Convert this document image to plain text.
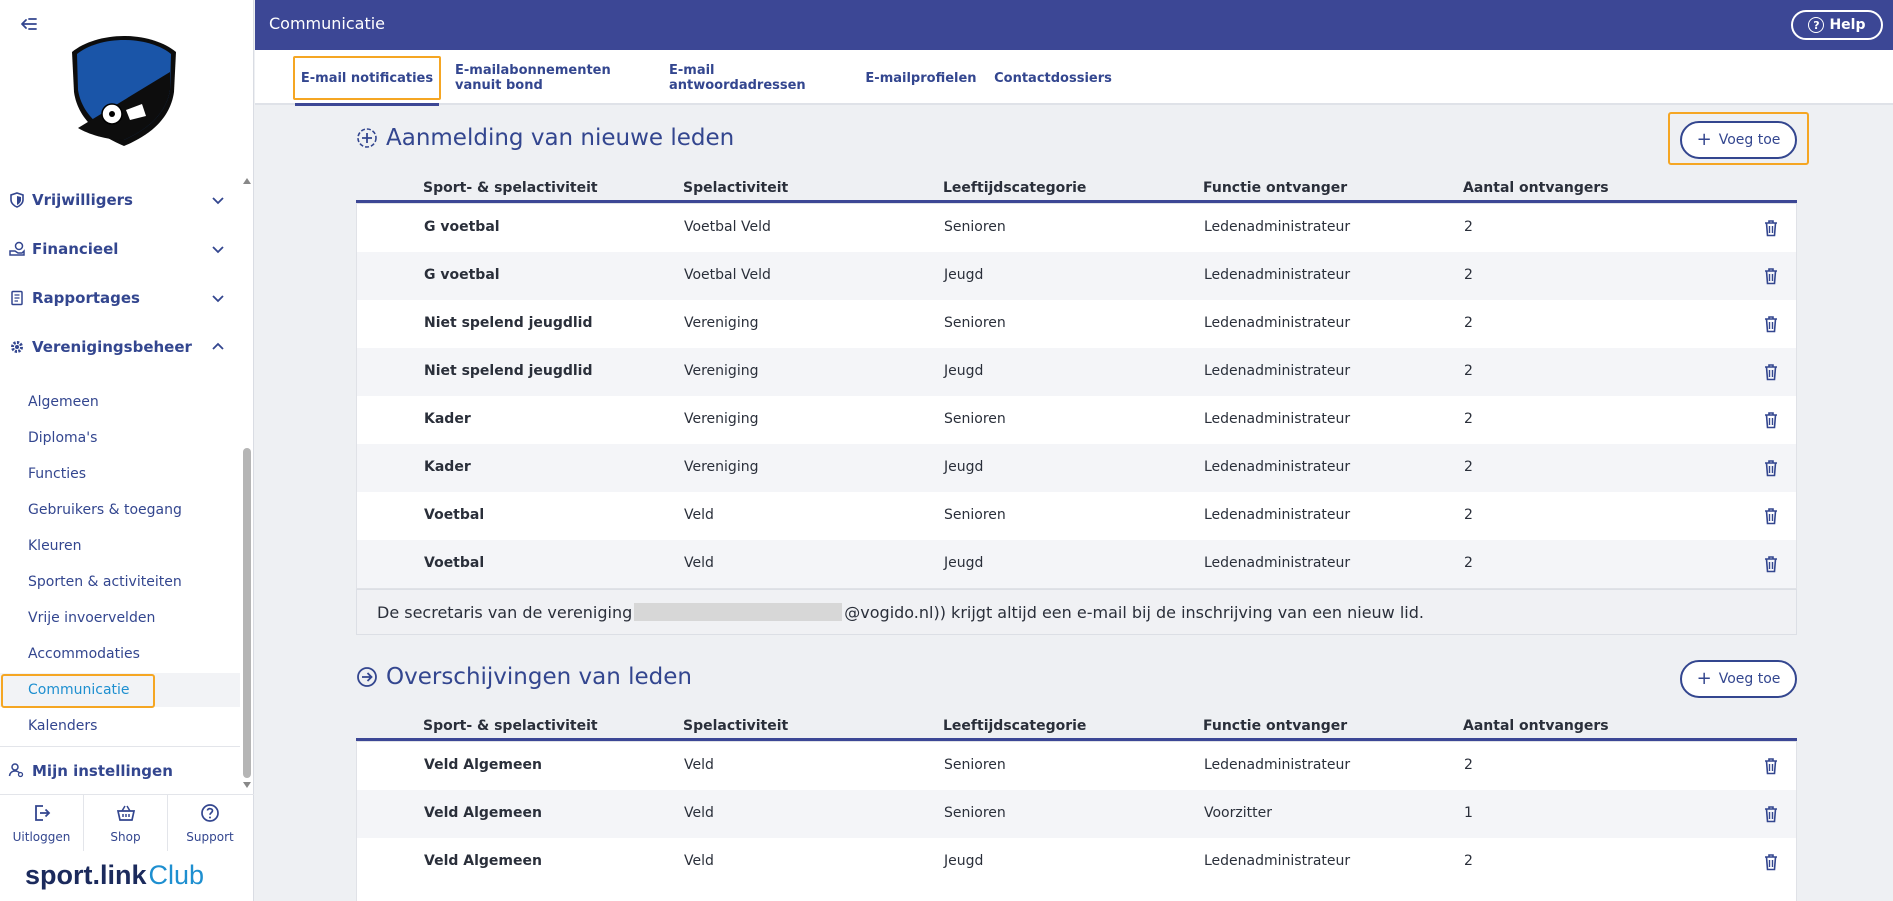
Vrijwilligers
Financieel
Rapportages
Verenigingsbeheer
Algemeen
Diploma's
Functies
Gebruikers & toegang
Kleuren
Sporten & activiteiten
Vrije invoervelden
Accommodaties
Communicatie
Kalenders
Mijn instellingen
Uitloggen	Shop	Support
sport.link Club
Communicatie	? Help
E-mail notificaties E-mailabonnementen vanuit bond
E-mail antwoordadressen	E-mailprofielen Contactdossiers
Aanmelding van nieuwe leden	+ Voeg toe
Sport- & spelactiviteit	Spelactiviteit	Leeftijdscategorie	Functie ontvanger	Aantal ontvangers
G voetbal	Voetbal Veld	Senioren	Ledenadministrateur	2
G voetbal	Voetbal Veld	Jeugd	Ledenadministrateur	2
Niet spelend jeugdlid	Vereniging	Senioren	Ledenadministrateur	2
Niet spelend jeugdlid	Vereniging	Jeugd	Ledenadministrateur	2
Kader	Vereniging	Senioren	Ledenadministrateur	2
Kader	Vereniging	Jeugd	Ledenadministrateur	2
Voetbal	Veld	Senioren	Ledenadministrateur	2
Voetbal	Veld	Jeugd	Ledenadministrateur	2
De secretaris van de vereniging	@vogido.nl)) krijgt altijd een e-mail bij de inschrijving van een nieuw lid.
Overschijvingen van leden	+ Voeg toe
Sport- & spelactiviteit	Spelactiviteit	Leeftijdscategorie	Functie ontvanger	Aantal ontvangers
Veld Algemeen	Veld	Senioren	Ledenadministrateur	2
Veld Algemeen	Veld	Senioren	Voorzitter	1
Veld Algemeen	Veld	Jeugd	Ledenadministrateur	2
